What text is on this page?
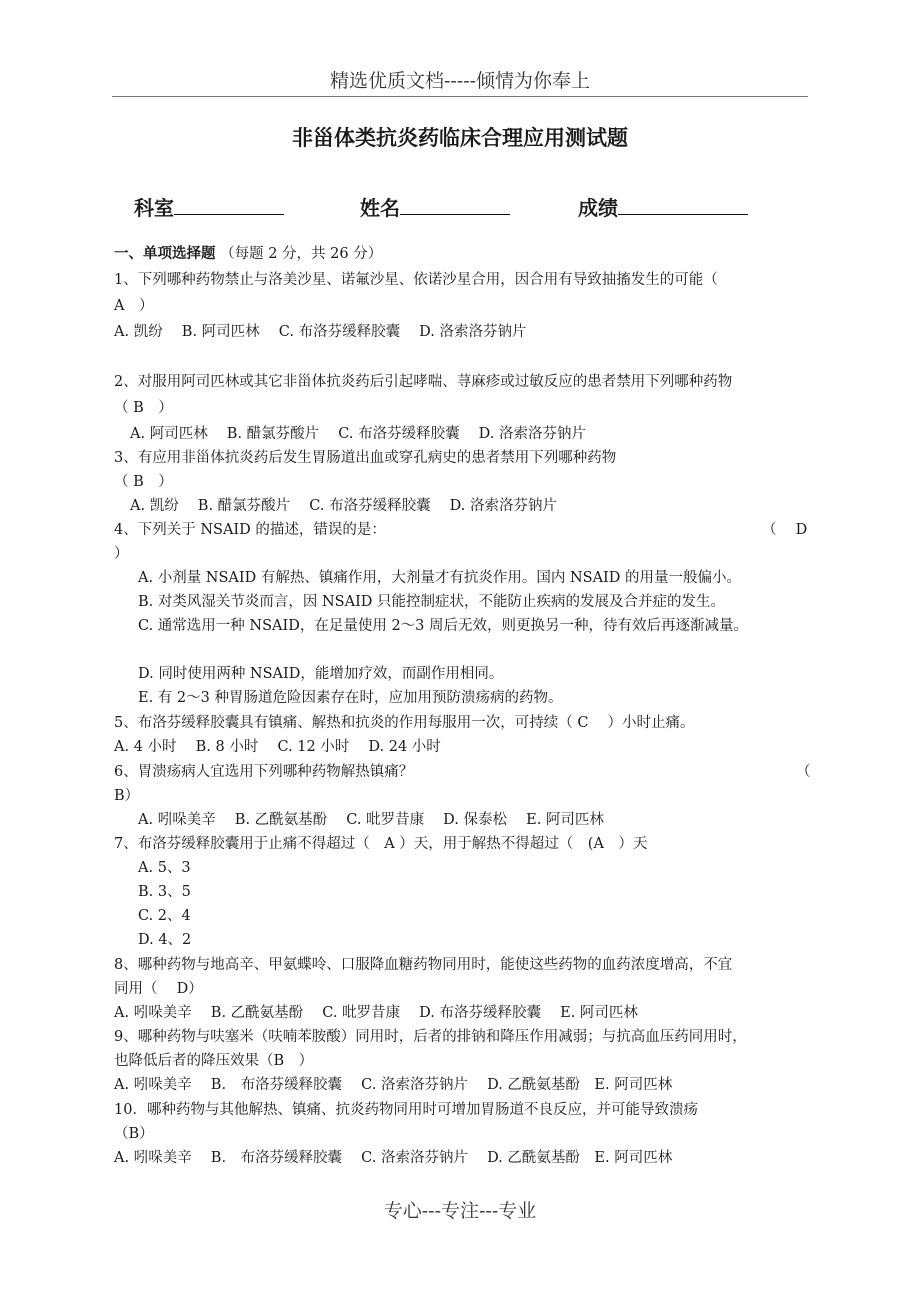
精选优质文档-----倾情为你奉上
非甾体类抗炎药临床合理应用测试题
科室	姓名	成绩
一、单项选择题 （每题 2 分，共 26 分）
1、下列哪种药物禁止与洛美沙星、诺氟沙星、依诺沙星合用，因合用有导致抽搐发生的可能（
A　）
A. 凯纷　 B. 阿司匹林　 C. 布洛芬缓释胶囊　 D. 洛索洛芬钠片
2、对服用阿司匹林或其它非甾体抗炎药后引起哮喘、荨麻疹或过敏反应的患者禁用下列哪种药物
（ B　）
A. 阿司匹林　 B. 醋氯芬酸片　 C. 布洛芬缓释胶囊　 D. 洛索洛芬钠片
3、有应用非甾体抗炎药后发生胃肠道出血或穿孔病史的患者禁用下列哪种药物
（ B　）
A. 凯纷　 B. 醋氯芬酸片　 C. 布洛芬缓释胶囊　 D. 洛索洛芬钠片
4、下列关于 NSAID 的描述，错误的是：	（　 D
）
A. 小剂量 NSAID 有解热、镇痛作用，大剂量才有抗炎作用。国内 NSAID 的用量一般偏小。
B. 对类风湿关节炎而言，因 NSAID 只能控制症状，不能防止疾病的发展及合并症的发生。
C. 通常选用一种 NSAID，在足量使用 2～3 周后无效，则更换另一种，待有效后再逐渐减量。
D. 同时使用两种 NSAID，能增加疗效，而副作用相同。
E. 有 2～3 种胃肠道危险因素存在时，应加用预防溃疡病的药物。
5、布洛芬缓释胶囊具有镇痛、解热和抗炎的作用每服用一次，可持续（ C　 ）小时止痛。
A. 4 小时　 B. 8 小时　 C. 12 小时　 D. 24 小时
6、胃溃疡病人宜选用下列哪种药物解热镇痛？	（
B）
A. 吲哚美辛　 B. 乙酰氨基酚　 C. 吡罗昔康　 D. 保泰松　 E. 阿司匹林
7、布洛芬缓释胶囊用于止痛不得超过（　A ）天，用于解热不得超过（　(A　）天
A. 5、3
B. 3、5
C. 2、4
D. 4、2
8、哪种药物与地高辛、甲氨蝶呤、口服降血糖药物同用时，能使这些药物的血药浓度增高，不宜
同用（　 D）
A. 吲哚美辛　 B. 乙酰氨基酚　 C. 吡罗昔康　 D. 布洛芬缓释胶囊　 E. 阿司匹林
9、哪种药物与呋塞米（呋喃苯胺酸）同用时，后者的排钠和降压作用减弱；与抗高血压药同用时，
也降低后者的降压效果（B　）
A. 吲哚美辛　 B.　布洛芬缓释胶囊　 C. 洛索洛芬钠片　 D. 乙酰氨基酚　E. 阿司匹林
10．哪种药物与其他解热、镇痛、抗炎药物同用时可增加胃肠道不良反应，并可能导致溃疡
（B）
A. 吲哚美辛　 B.　布洛芬缓释胶囊　 C. 洛索洛芬钠片　 D. 乙酰氨基酚　E. 阿司匹林
专心---专注---专业
